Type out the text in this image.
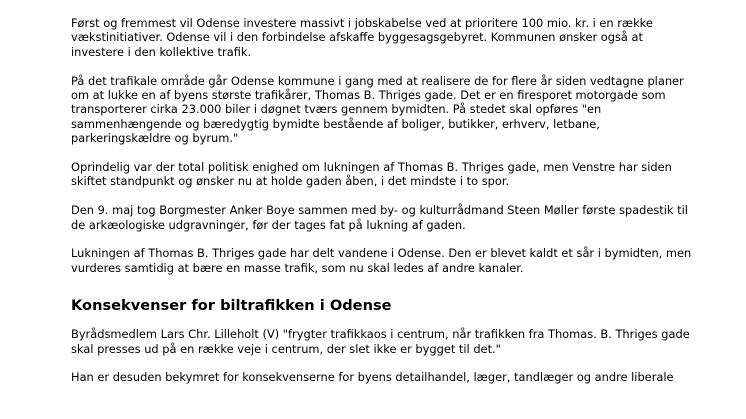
Først og fremmest vil Odense investere massivt i jobskabelse ved at prioritere 100 mio. kr. i en række
vækstinitiativer. Odense vil i den forbindelse afskaffe byggesagsgebyret. Kommunen ønsker også at
investere i den kollektive trafik.

På det trafikale område går Odense kommune i gang med at realisere de for flere år siden vedtagne planer
om at lukke en af byens største trafikårer, Thomas B. Thriges gade. Det er en firesporet motorgade som
transporterer cirka 23.000 biler i døgnet tværs gennem bymidten. På stedet skal opføres "en
sammenhængende og bæredygtig bymidte bestående af boliger, butikker, erhverv, letbane,
parkeringskældre og byrum."

Oprindelig var der total politisk enighed om lukningen af Thomas B. Thriges gade, men Venstre har siden
skiftet standpunkt og ønsker nu at holde gaden åben, i det mindste i to spor.

Den 9. maj tog Borgmester Anker Boye sammen med by- og kulturrådmand Steen Møller første spadestik til
de arkæologiske udgravninger, før der tages fat på lukning af gaden.

Lukningen af Thomas B. Thriges gade har delt vandene i Odense. Den er blevet kaldt et sår i bymidten, men
vurderes samtidig at bære en masse trafik, som nu skal ledes af andre kanaler.

Konsekvenser for biltrafikken i Odense

Byrådsmedlem Lars Chr. Lilleholt (V) "frygter trafikkaos i centrum, når trafikken fra Thomas. B. Thriges gade
skal presses ud på en række veje i centrum, der slet ikke er bygget til det."

Han er desuden bekymret for konsekvenserne for byens detailhandel, læger, tandlæger og andre liberale
